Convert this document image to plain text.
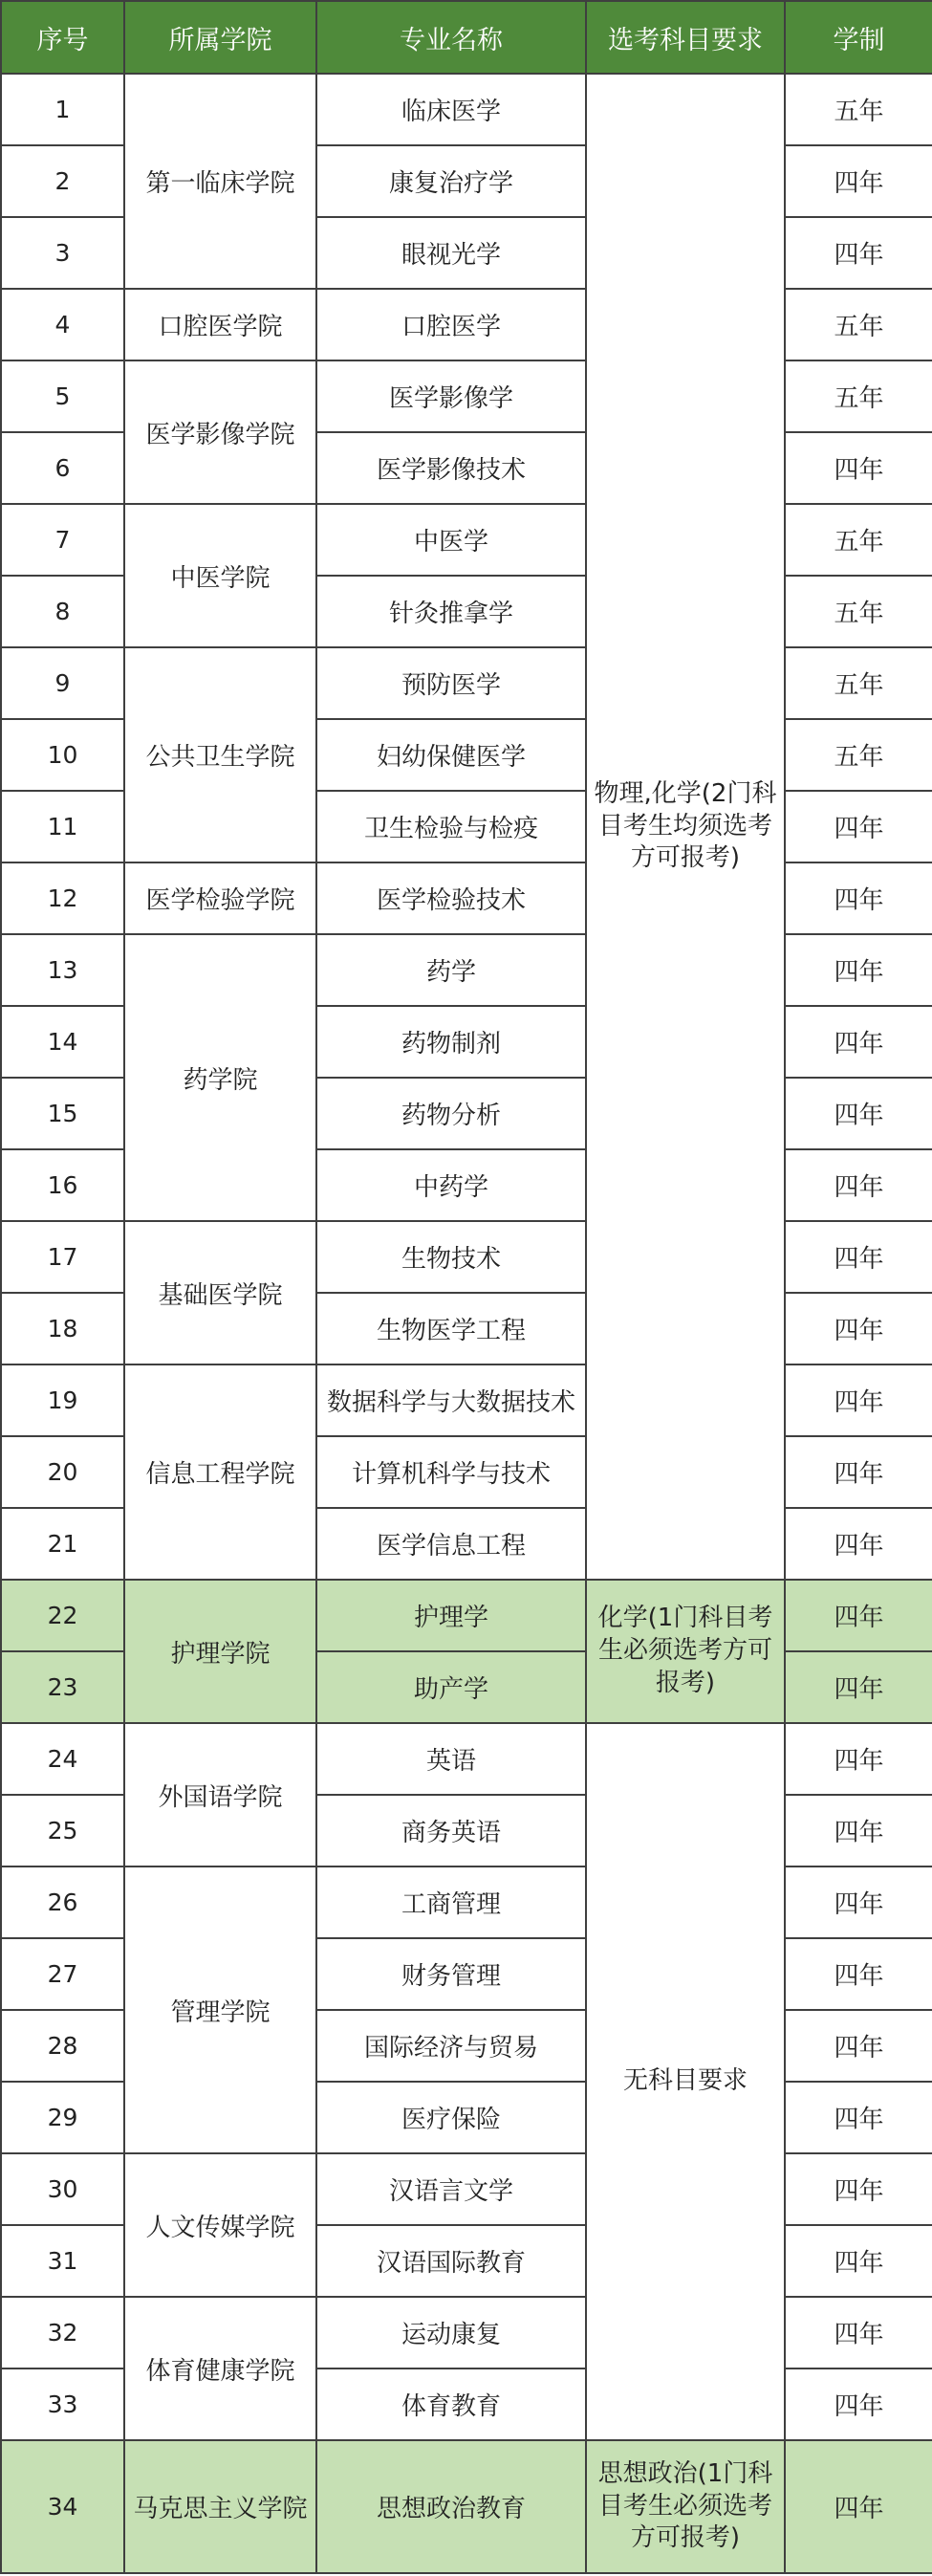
序号	所属学院	专业名称	选考科目要求	学制
1	第一临床学院	临床医学	物理,化学(2门科目考生均须选考方可报考)	五年
2		康复治疗学		四年
3		眼视光学		四年
4	口腔医学院	口腔医学		五年
5	医学影像学院	医学影像学		五年
6		医学影像技术		四年
7	中医学院	中医学		五年
8		针灸推拿学		五年
9	公共卫生学院	预防医学		五年
10		妇幼保健医学		五年
11		卫生检验与检疫		四年
12	医学检验学院	医学检验技术		四年
13	药学院	药学		四年
14		药物制剂		四年
15		药物分析		四年
16		中药学		四年
17	基础医学院	生物技术		四年
18		生物医学工程		四年
19	信息工程学院	数据科学与大数据技术		四年
20		计算机科学与技术		四年
21		医学信息工程		四年
22	护理学院	护理学	化学(1门科目考生必须选考方可报考)	四年
23		助产学		四年
24	外国语学院	英语	无科目要求	四年
25		商务英语		四年
26	管理学院	工商管理		四年
27		财务管理		四年
28		国际经济与贸易		四年
29		医疗保险		四年
30	人文传媒学院	汉语言文学		四年
31		汉语国际教育		四年
32	体育健康学院	运动康复		四年
33		体育教育		四年
34	马克思主义学院	思想政治教育	思想政治(1门科目考生必须选考方可报考)	四年
